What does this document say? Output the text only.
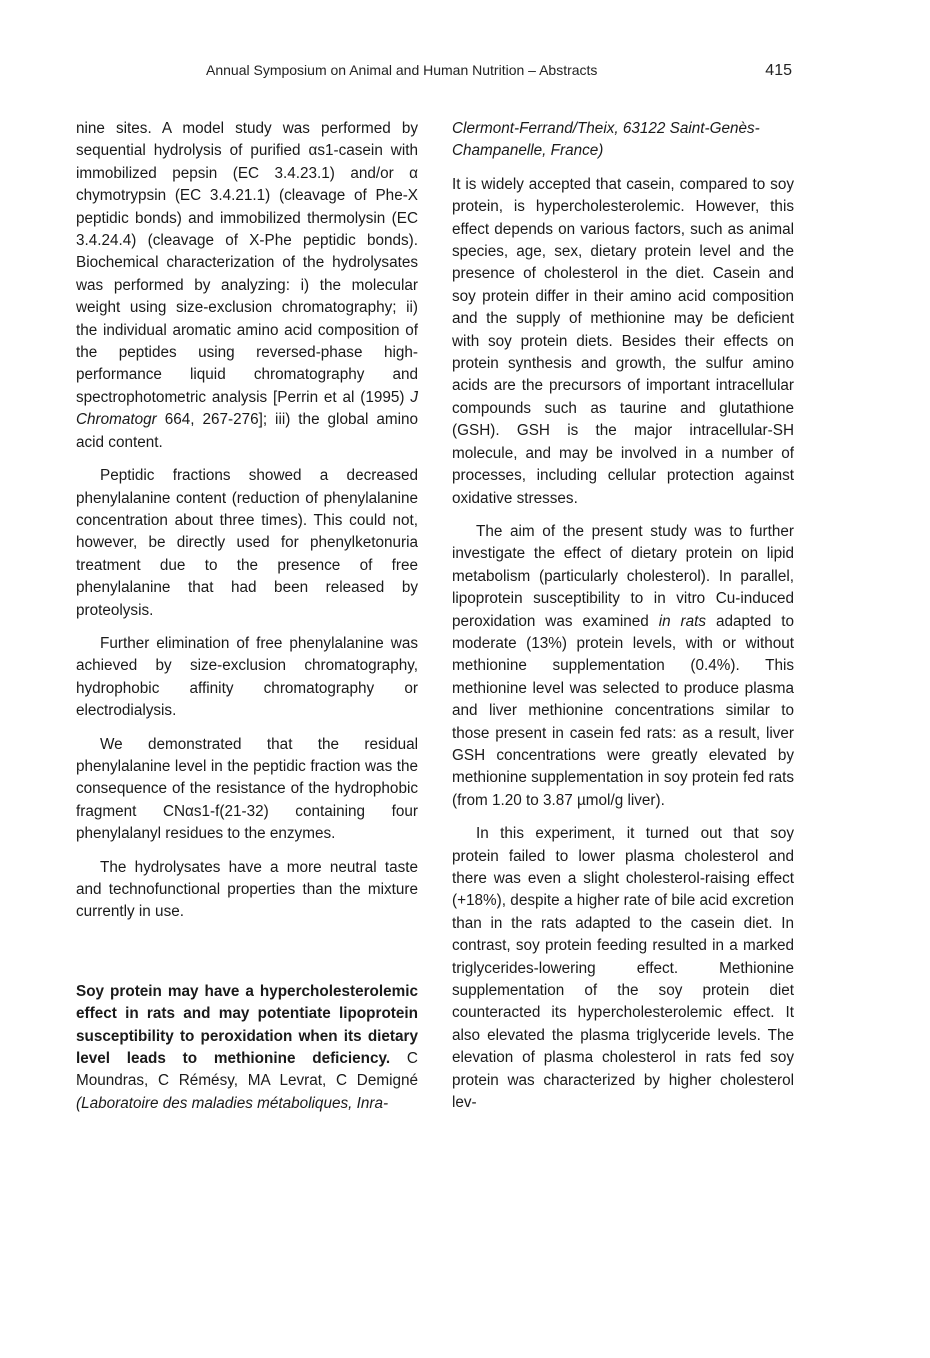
Annual Symposium on Animal and Human Nutrition – Abstracts	415

nine sites. A model study was performed by sequential hydrolysis of purified αs1-casein with immobilized pepsin (EC 3.4.23.1) and/or α chymotrypsin (EC 3.4.21.1) (cleavage of Phe-X peptidic bonds) and immobilized thermolysin (EC 3.4.24.4) (cleavage of X-Phe peptidic bonds). Biochemical characterization of the hydrolysates was performed by analyzing: i) the molecular weight using size-exclusion chromatography; ii) the individual aromatic amino acid composition of the peptides using reversed-phase high-performance liquid chromatography and spectrophotometric analysis [Perrin et al (1995) J Chromatogr 664, 267-276]; iii) the global amino acid content.

Peptidic fractions showed a decreased phenylalanine content (reduction of phenylalanine concentration about three times). This could not, however, be directly used for phenylketonuria treatment due to the presence of free phenylalanine that had been released by proteolysis.

Further elimination of free phenylalanine was achieved by size-exclusion chromatography, hydrophobic affinity chromatography or electrodialysis.

We demonstrated that the residual phenylalanine level in the peptidic fraction was the consequence of the resistance of the hydrophobic fragment CNαs1-f(21-32) containing four phenylalanyl residues to the enzymes.

The hydrolysates have a more neutral taste and technofunctional properties than the mixture currently in use.

Soy protein may have a hypercholesterolemic effect in rats and may potentiate lipoprotein susceptibility to peroxidation when its dietary level leads to methionine deficiency. C Moundras, C Rémésy, MA Levrat, C Demigné (Laboratoire des maladies métaboliques, Inra-

Clermont-Ferrand/Theix, 63122 Saint-Genès-Champanelle, France)

It is widely accepted that casein, compared to soy protein, is hypercholesterolemic. However, this effect depends on various factors, such as animal species, age, sex, dietary protein level and the presence of cholesterol in the diet. Casein and soy protein differ in their amino acid composition and the supply of methionine may be deficient with soy protein diets. Besides their effects on protein synthesis and growth, the sulfur amino acids are the precursors of important intracellular compounds such as taurine and glutathione (GSH). GSH is the major intracellular-SH molecule, and may be involved in a number of processes, including cellular protection against oxidative stresses.

The aim of the present study was to further investigate the effect of dietary protein on lipid metabolism (particularly cholesterol). In parallel, lipoprotein susceptibility to in vitro Cu-induced peroxidation was examined in rats adapted to moderate (13%) protein levels, with or without methionine supplementation (0.4%). This methionine level was selected to produce plasma and liver methionine concentrations similar to those present in casein fed rats: as a result, liver GSH concentrations were greatly elevated by methionine supplementation in soy protein fed rats (from 1.20 to 3.87 µmol/g liver).

In this experiment, it turned out that soy protein failed to lower plasma cholesterol and there was even a slight cholesterol-raising effect (+18%), despite a higher rate of bile acid excretion than in the rats adapted to the casein diet. In contrast, soy protein feeding resulted in a marked triglycerides-lowering effect. Methionine supplementation of the soy protein diet counteracted its hypercholesterolemic effect. It also elevated the plasma triglyceride levels. The elevation of plasma cholesterol in rats fed soy protein was characterized by higher cholesterol lev-
